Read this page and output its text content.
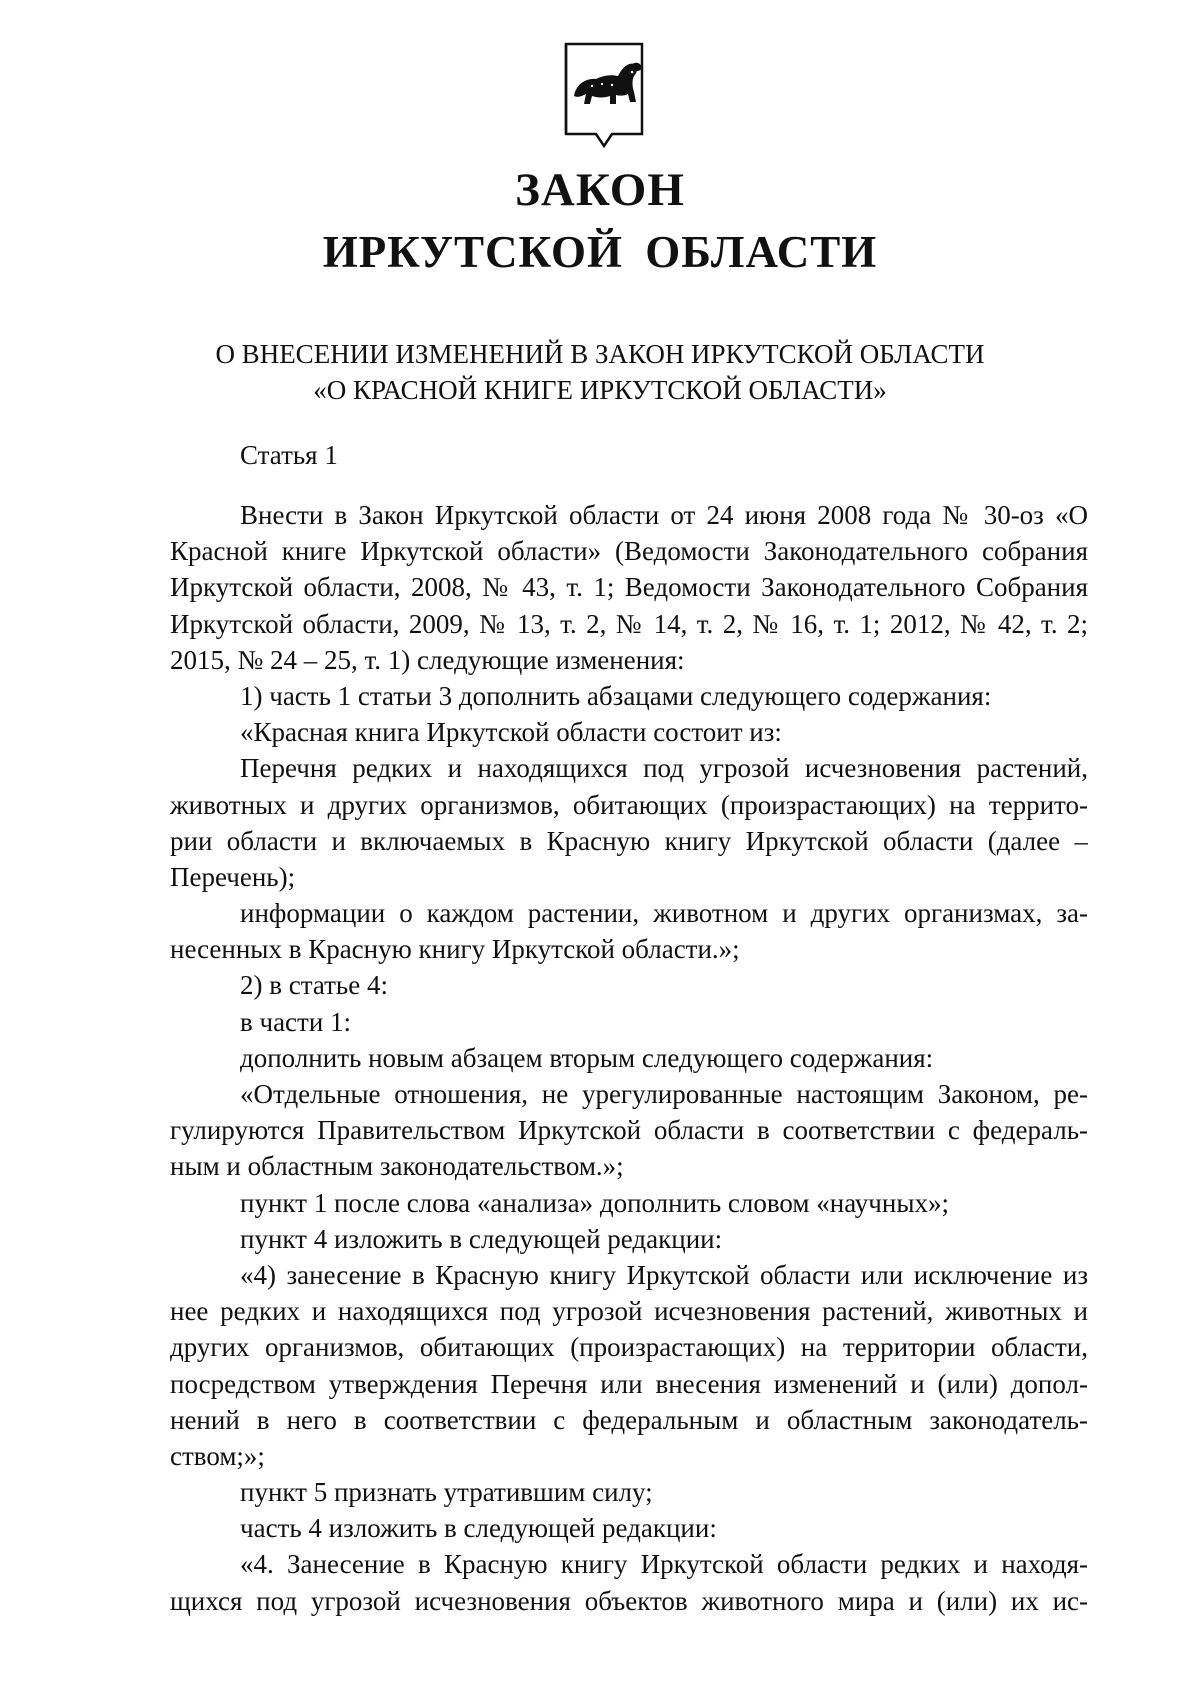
ЗАКОН
ИРКУТСКОЙ ОБЛАСТИ
О ВНЕСЕНИИ ИЗМЕНЕНИЙ В ЗАКОН ИРКУТСКОЙ ОБЛАСТИ
«О КРАСНОЙ КНИГЕ ИРКУТСКОЙ ОБЛАСТИ»
Статья 1
Внести в Закон Иркутской области от 24 июня 2008 года № 30-оз «О
Красной книге Иркутской области» (Ведомости Законодательного собрания
Иркутской области, 2008, № 43, т. 1; Ведомости Законодательного Собрания
Иркутской области, 2009, № 13, т. 2, № 14, т. 2, № 16, т. 1; 2012, № 42, т. 2;
2015, № 24 – 25, т. 1) следующие изменения:
1) часть 1 статьи 3 дополнить абзацами следующего содержания:
«Красная книга Иркутской области состоит из:
Перечня редких и находящихся под угрозой исчезновения растений,
животных и других организмов, обитающих (произрастающих) на террито-
рии области и включаемых в Красную книгу Иркутской области (далее –
Перечень);
информации о каждом растении, животном и других организмах, за-
несенных в Красную книгу Иркутской области.»;
2) в статье 4:
в части 1:
дополнить новым абзацем вторым следующего содержания:
«Отдельные отношения, не урегулированные настоящим Законом, ре-
гулируются Правительством Иркутской области в соответствии с федераль-
ным и областным законодательством.»;
пункт 1 после слова «анализа» дополнить словом «научных»;
пункт 4 изложить в следующей редакции:
«4) занесение в Красную книгу Иркутской области или исключение из
нее редких и находящихся под угрозой исчезновения растений, животных и
других организмов, обитающих (произрастающих) на территории области,
посредством утверждения Перечня или внесения изменений и (или) допол-
нений в него в соответствии с федеральным и областным законодатель-
ством;»;
пункт 5 признать утратившим силу;
часть 4 изложить в следующей редакции:
«4. Занесение в Красную книгу Иркутской области редких и находя-
щихся под угрозой исчезновения объектов животного мира и (или) их ис-
